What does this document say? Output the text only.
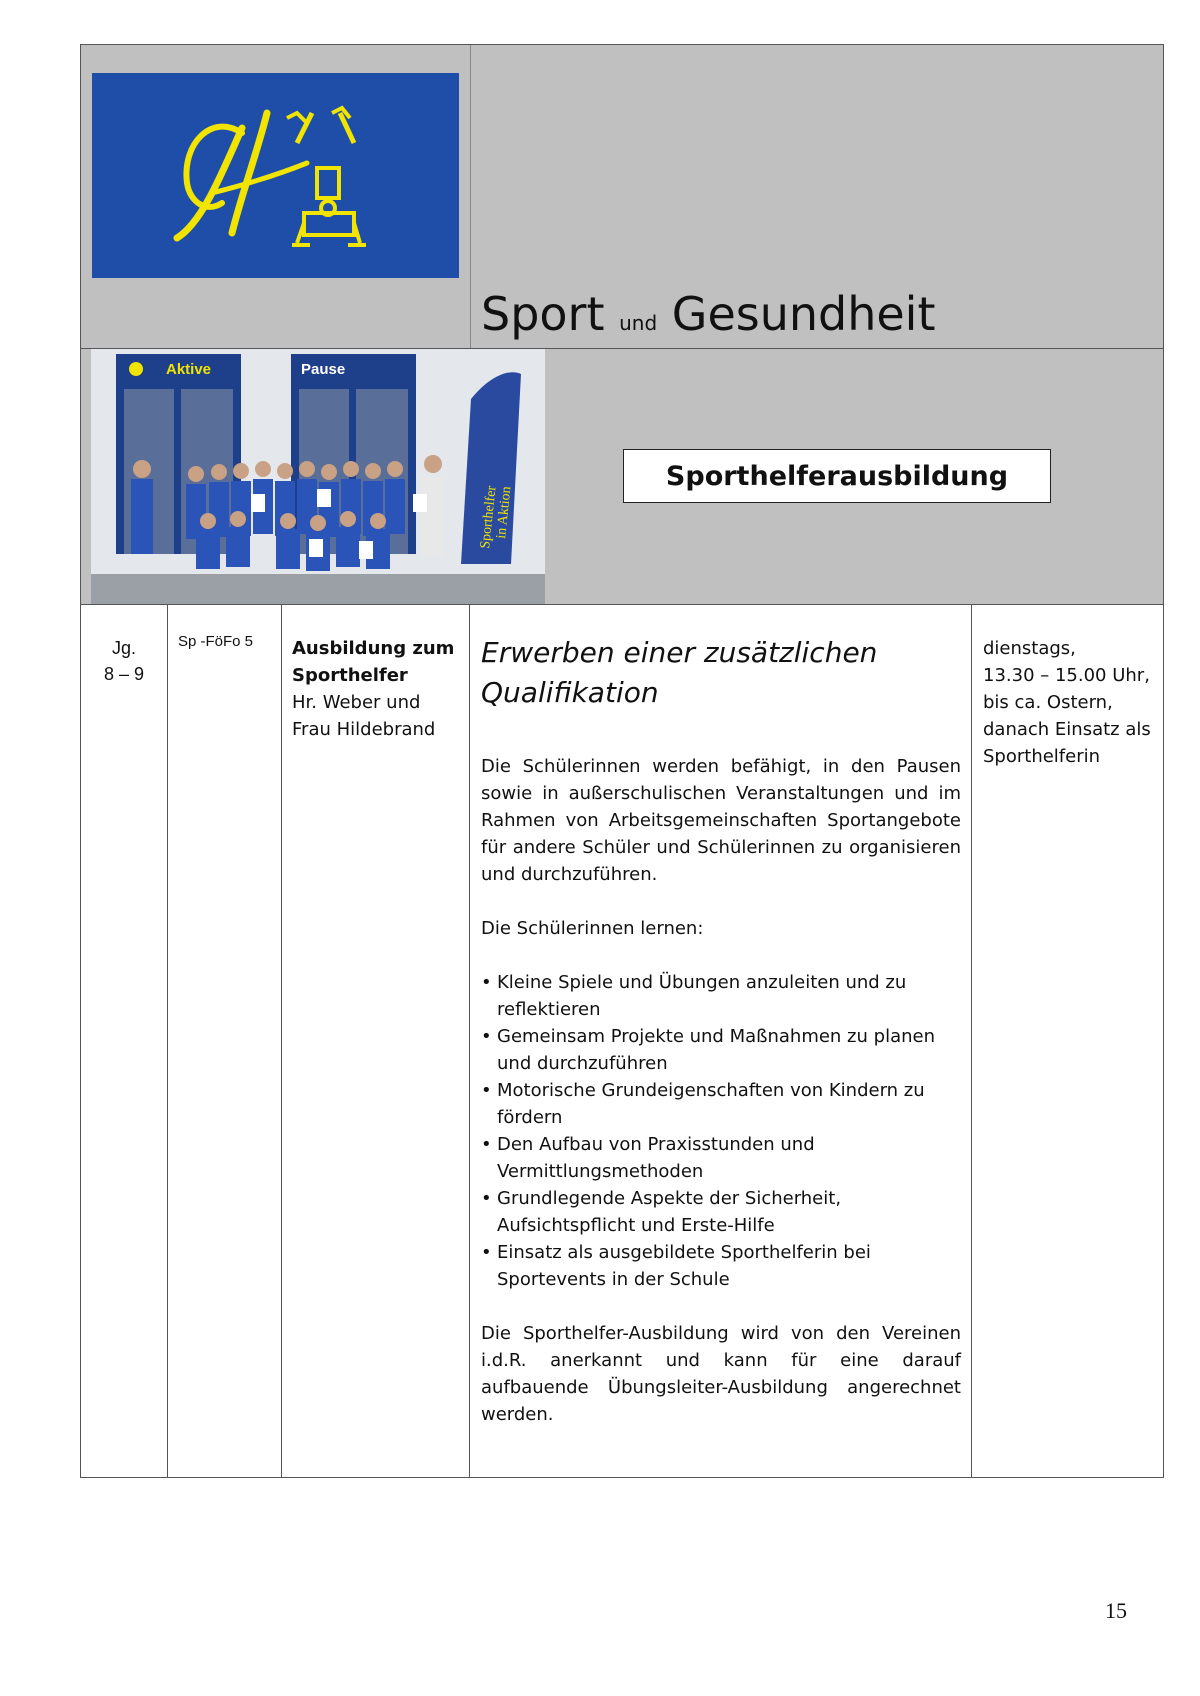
Sport und Gesundheit
Aktive	Pause
Sporthelfer
in Aktion
Sporthelferausbildung
Jg.
8 – 9
Sp -FöFo 5	Ausbildung zum
Sporthelfer
Hr. Weber und
Frau Hildebrand
Erwerben einer zusätzlichen Qualifikation

Die Schülerinnen werden befähigt, in den Pausen sowie in außerschulischen Veranstaltungen und im Rahmen von Arbeitsgemeinschaften Sportangebote für andere Schüler und Schülerinnen zu organisieren und durchzuführen.

Die Schülerinnen lernen:

• Kleine Spiele und Übungen anzuleiten und zu reflektieren
• Gemeinsam Projekte und Maßnahmen zu planen und durchzuführen
• Motorische Grundeigenschaften von Kindern zu fördern
• Den Aufbau von Praxisstunden und Vermittlungsmethoden
• Grundlegende Aspekte der Sicherheit, Aufsichtspflicht und Erste-Hilfe
• Einsatz als ausgebildete Sporthelferin bei Sportevents in der Schule

Die Sporthelfer-Ausbildung wird von den Vereinen i.d.R. anerkannt und kann für eine darauf aufbauende Übungsleiter-Ausbildung angerechnet werden.

dienstags,
13.30 – 15.00 Uhr,
bis ca. Ostern,
danach Einsatz als
Sporthelferin
15
